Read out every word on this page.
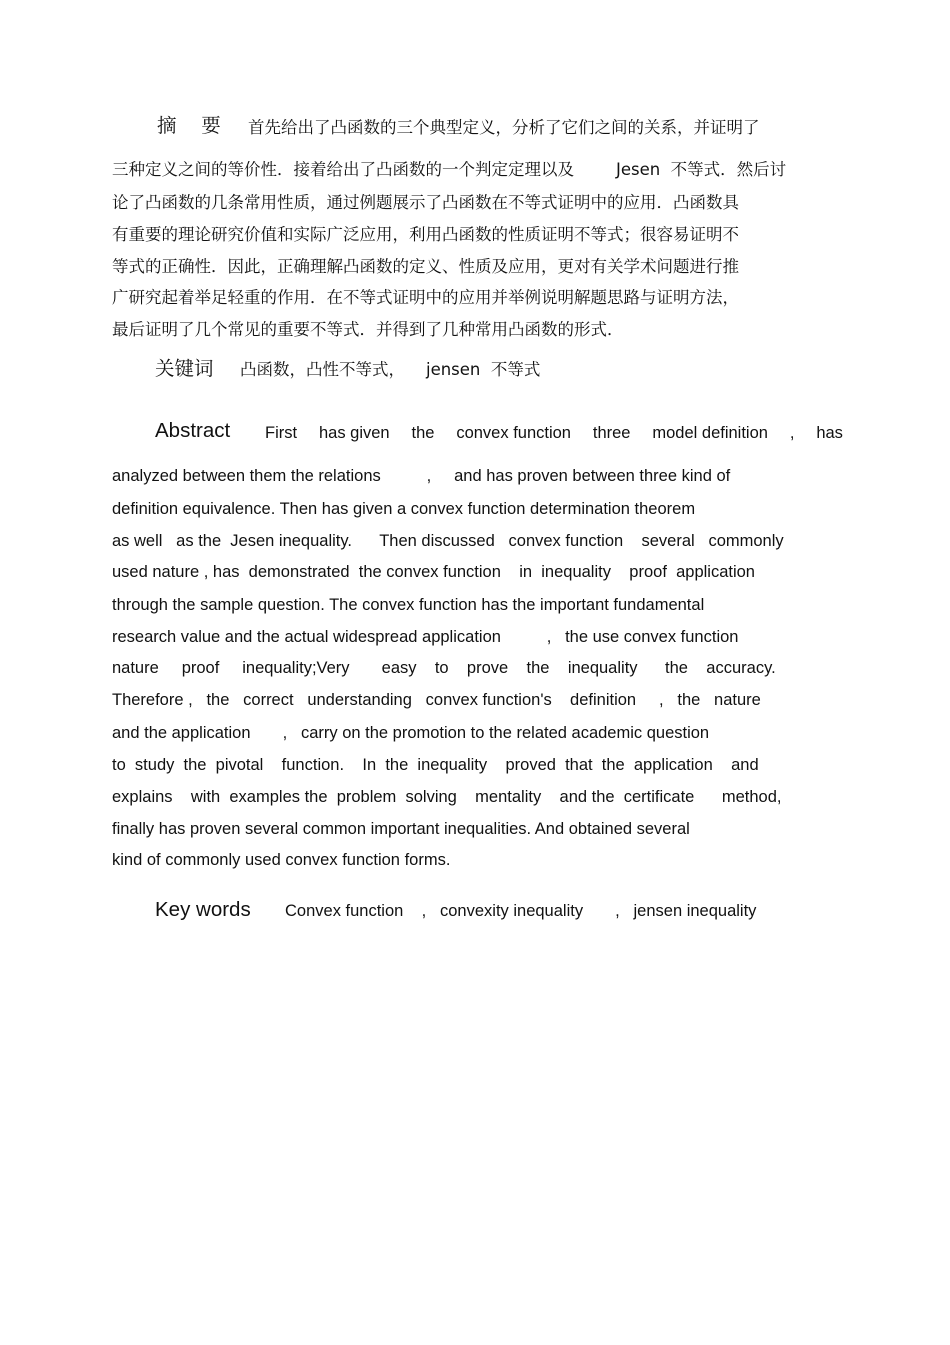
摘    要 首先给出了凸函数的三个典型定义，分析了它们之间的关系，并证明了
三种定义之间的等价性．接着给出了凸函数的一个判定定理以及        Jesen  不等式．然后讨
论了凸函数的几条常用性质，通过例题展示了凸函数在不等式证明中的应用．凸函数具
有重要的理论研究价值和实际广泛应用，利用凸函数的性质证明不等式；很容易证明不
等式的正确性．因此，正确理解凸函数的定义、性质及应用，更对有关学术问题进行推
广研究起着举足轻重的作用．在不等式证明中的应用并举例说明解题思路与证明方法，
最后证明了几个常见的重要不等式．并得到了几种常用凸函数的形式．
关键词 凸函数，凸性不等式，    jensen  不等式
Abstract First has given the convex function three model definition , has
analyzed between them the relations          ,     and has proven between three kind of
definition equivalence. Then has given a convex function determination theorem
as well   as the  Jesen inequality.      Then discussed   convex function    several   commonly
used nature , has  demonstrated  the convex function    in  inequality    proof  application
through the sample question. The convex function has the important fundamental
research value and the actual widespread application          ,   the use convex function
nature     proof     inequality;Very       easy    to    prove    the    inequality      the    accuracy.
Therefore ,   the   correct   understanding   convex function's    definition     ,   the   nature
and the application       ,   carry on the promotion to the related academic question
to  study  the  pivotal    function.    In  the  inequality    proved  that  the  application    and
explains    with  examples the  problem  solving    mentality    and the  certificate      method,
finally has proven several common important inequalities. And obtained several
kind of commonly used convex function forms.
Key words Convex function    ,   convexity inequality       ,   jensen inequality
